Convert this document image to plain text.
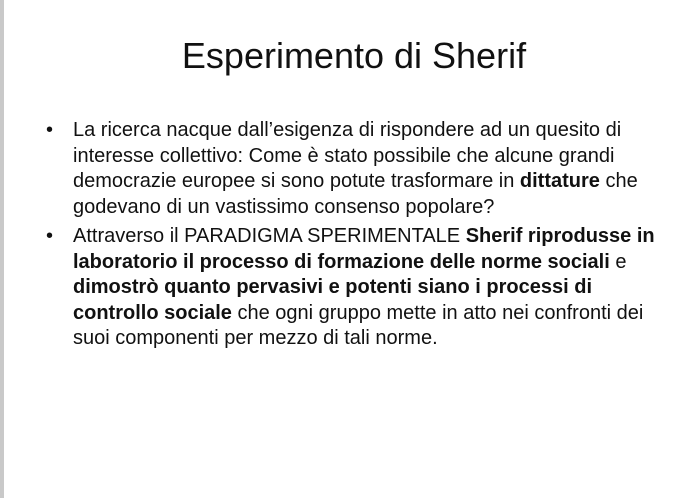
Esperimento di Sherif
• La ricerca nacque dall’esigenza di rispondere ad un quesito di interesse collettivo: Come è stato possibile che alcune grandi democrazie europee si sono potute trasformare in dittature che godevano di un vastissimo consenso popolare?
• Attraverso il PARADIGMA SPERIMENTALE Sherif riprodusse in laboratorio il processo di formazione delle norme sociali e dimostrò quanto pervasivi e potenti siano i processi di controllo sociale che ogni gruppo mette in atto nei confronti dei suoi componenti per mezzo di tali norme.
